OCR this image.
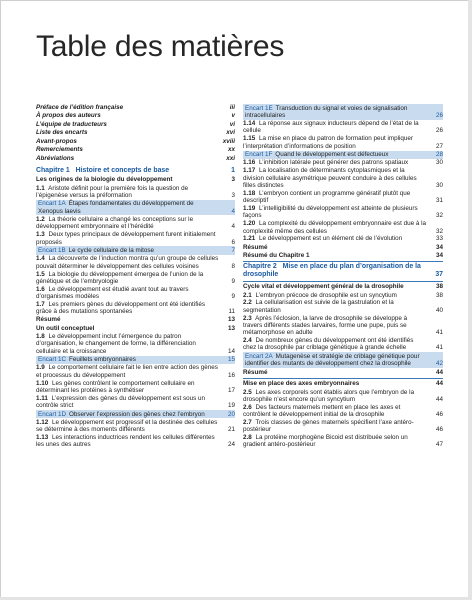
Table des matières
Préface de l’édition française	iii
À propos des auteurs	v
L’équipe de traducteurs	vi
Liste des encarts	xvi
Avant-propos	xviii
Remerciements	xx
Abréviations	xxi
Chapitre 1 Histoire et concepts de base	1
Les origines de la biologie du développement	3
1.1 Aristote définit pour la première fois la question de l’épigenèse versus la préformation	3
Encart 1A Étapes fondamentales du développement de Xenopus laevis	4
1.2 La théorie cellulaire a changé les conceptions sur le développement embryonnaire et l’hérédité	4
1.3 Deux types principaux de développement furent initialement proposés	6
Encart 1B Le cycle cellulaire de la mitose	7
1.4 La découverte de l’induction montra qu’un groupe de cellules pouvait déterminer le développement des cellules voisines	8
1.5 La biologie du développement émergea de l’union de la génétique et de l’embryologie	9
1.6 Le développement est étudié avant tout au travers d’organismes modèles	9
1.7 Les premiers gènes du développement ont été identifiés grâce à des mutations spontanées	11
Résumé	13
Un outil conceptuel	13
1.8 Le développement inclut l’émergence du patron d’organisation, le changement de forme, la différenciation cellulaire et la croissance	14
Encart 1C Feuillets embryonnaires	15
1.9 Le comportement cellulaire fait le lien entre action des gènes et processus du développement	16
1.10 Les gènes contrôlent le comportement cellulaire en déterminant les protéines à synthétiser	17
1.11 L’expression des gènes du développement est sous un contrôle strict	19
Encart 1D Observer l’expression des gènes chez l’embryon	20
1.12 Le développement est progressif et la destinée des cellules se détermine à des moments différents	21
1.13 Les interactions inductrices rendent les cellules différentes les unes des autres	24
Encart 1E Transduction du signal et voies de signalisation intracellulaires	26
1.14 La réponse aux signaux inducteurs dépend de l’état de la cellule	26
1.15 La mise en place du patron de formation peut impliquer l’interprétation d’informations de position	27
Encart 1F Quand le développement est défectueux	28
1.16 L’inhibition latérale peut générer des patrons spatiaux	30
1.17 La localisation de déterminants cytoplasmiques et la division cellulaire asymétrique peuvent conduire à des cellules filles distinctes	30
1.18 L’embryon contient un programme génératif plutôt que descriptif	31
1.19 L’intelligibilité du développement est atteinte de plusieurs façons	32
1.20 La complexité du développement embryonnaire est due à la complexité même des cellules	32
1.21 Le développement est un élément clé de l’évolution	33
Résumé	34
Résumé du Chapitre 1	34
Chapitre 2 Mise en place du plan d’organisation de la drosophile	37
Cycle vital et développement général de la drosophile	38
2.1 L’embryon précoce de drosophile est un syncytium	38
2.2 La cellularisation est suivie de la gastrulation et la segmentation	40
2.3 Après l’éclosion, la larve de drosophile se développe à travers différents stades larvaires, forme une pupe, puis se métamorphose en adulte	41
2.4 De nombreux gènes du développement ont été identifiés chez la drosophile par criblage génétique à grande échelle	41
Encart 2A Mutagenèse et stratégie de criblage génétique pour identifier des mutants de développement chez la drosophile	42
Résumé	44
Mise en place des axes embryonnaires	44
2.5 Les axes corporels sont établis alors que l’embryon de la drosophile n’est encore qu’un syncytium	44
2.6 Des facteurs maternels mettent en place les axes et contrôlent le développement initial de la drosophile	46
2.7 Trois classes de gènes maternels spécifient l’axe antéro-postérieur	46
2.8 La protéine morphogène Bicoid est distribuée selon un gradient antéro-postérieur	47
